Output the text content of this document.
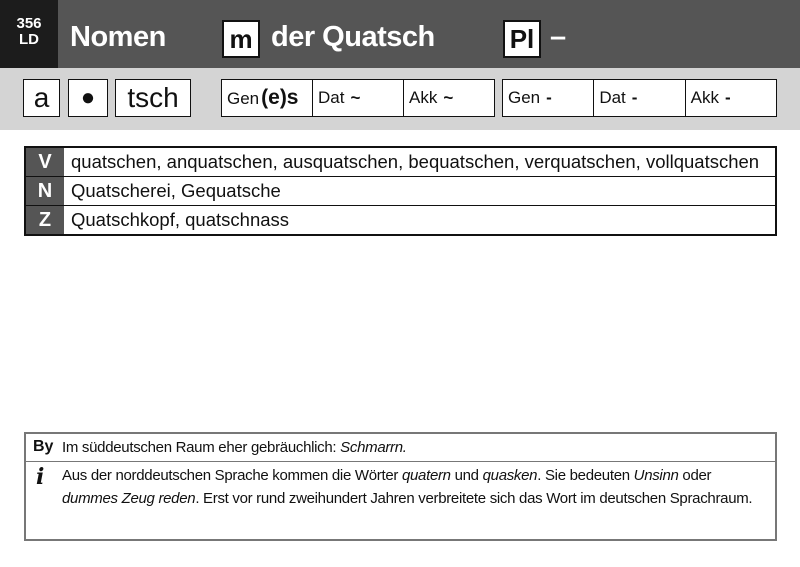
356
LD	Nomen m der Quatsch	Pl –
a	●	tsch	Gen(e)s	Dat ~	Akk ~	Gen -	Dat -	Akk -
V	quatschen, anquatschen, ausquatschen, bequatschen, verquatschen, vollquatschen
N	Quatscherei, Gequatsche
Z	Quatschkopf, quatschnass
By Im süddeutschen Raum eher gebräuchlich: Schmarrn.
i	Aus der norddeutschen Sprache kommen die Wörter quatern und quasken. Sie bedeuten Unsinn oder dummes Zeug reden. Erst vor rund zweihundert Jahren verbreitete sich das Wort im deutschen Sprachraum.
